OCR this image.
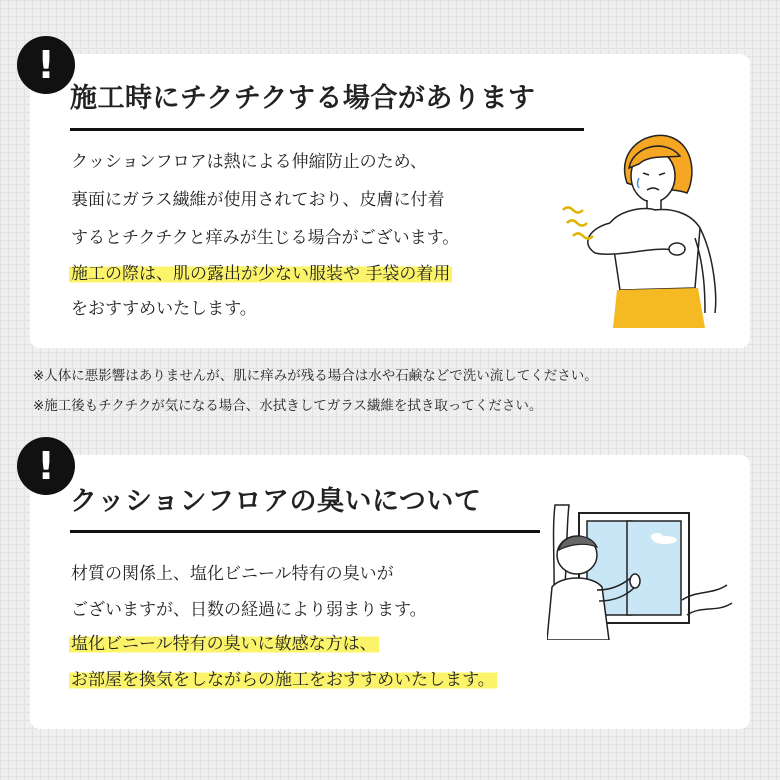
!
施工時にチクチクする場合があります
クッションフロアは熱による伸縮防止のため、
裏面にガラス繊維が使用されており、皮膚に付着
するとチクチクと痒みが生じる場合がございます。
施工の際は、肌の露出が少ない服装や 手袋の着用
をおすすめいたします。
※人体に悪影響はありませんが、肌に痒みが残る場合は水や石鹸などで洗い流してください。
※施工後もチクチクが気になる場合、水拭きしてガラス繊維を拭き取ってください。
!
クッションフロアの臭いについて
材質の関係上、塩化ビニール特有の臭いが
ございますが、日数の経過により弱まります。
塩化ビニール特有の臭いに敏感な方は、
お部屋を換気をしながらの施工をおすすめいたします。
